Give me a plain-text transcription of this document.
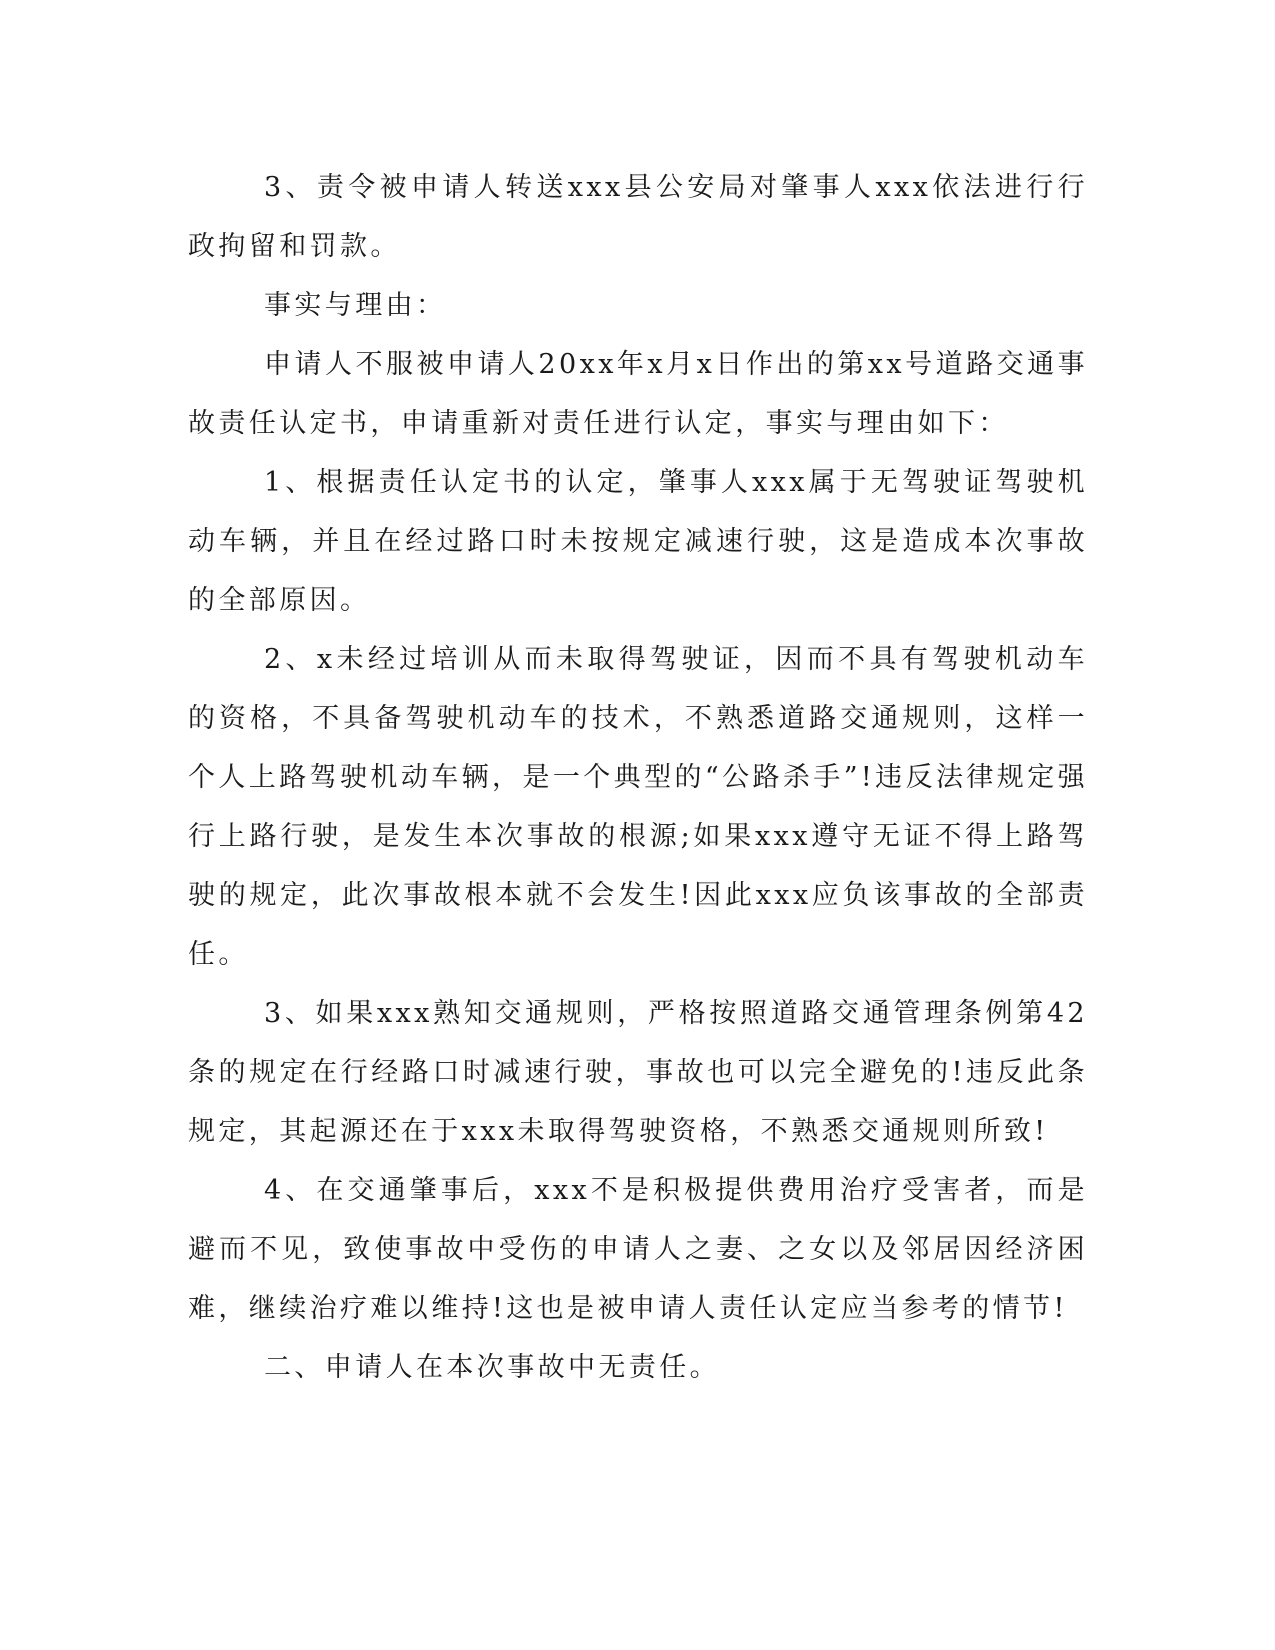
3、责令被申请人转送xxx县公安局对肇事人xxx依法进行行政拘留和罚款。

事实与理由：

申请人不服被申请人20xx年x月x日作出的第xx号道路交通事故责任认定书，申请重新对责任进行认定，事实与理由如下：

1、根据责任认定书的认定，肇事人xxx属于无驾驶证驾驶机动车辆，并且在经过路口时未按规定减速行驶，这是造成本次事故的全部原因。

2、x未经过培训从而未取得驾驶证，因而不具有驾驶机动车的资格，不具备驾驶机动车的技术，不熟悉道路交通规则，这样一个人上路驾驶机动车辆，是一个典型的“公路杀手”!违反法律规定强行上路行驶，是发生本次事故的根源;如果xxx遵守无证不得上路驾驶的规定，此次事故根本就不会发生!因此xxx应负该事故的全部责任。

3、如果xxx熟知交通规则，严格按照道路交通管理条例第42条的规定在行经路口时减速行驶，事故也可以完全避免的!违反此条规定，其起源还在于xxx未取得驾驶资格，不熟悉交通规则所致!

4、在交通肇事后，xxx不是积极提供费用治疗受害者，而是避而不见，致使事故中受伤的申请人之妻、之女以及邻居因经济困难，继续治疗难以维持!这也是被申请人责任认定应当参考的情节!

二、申请人在本次事故中无责任。
